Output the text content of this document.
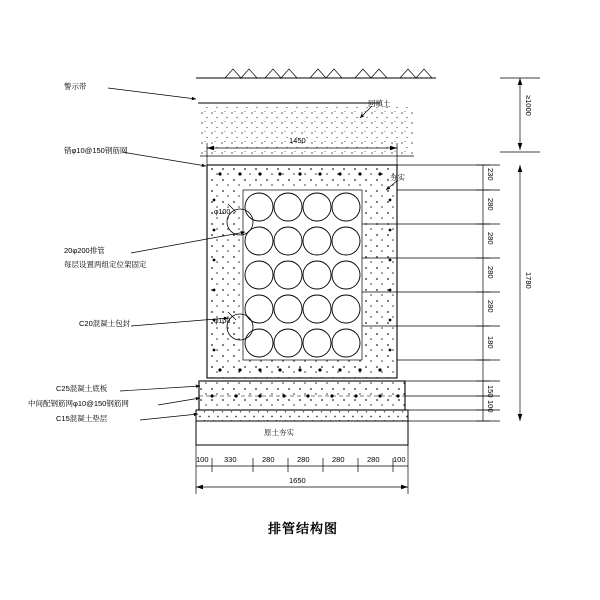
警示带
回填土
错φ10@150钢筋网
夯实
20φ200排管
每层设置两组定位架固定
C20混凝土包封
φ100
φ100
C25混凝土底板
中间配钢筋网φ10@150钢筋网
C15混凝土垫层
原土夯实
1450
100 330	280	280	280	280 100
1650
230
280
280
280
280
180
150
100
1780
≥1000
排管结构图
